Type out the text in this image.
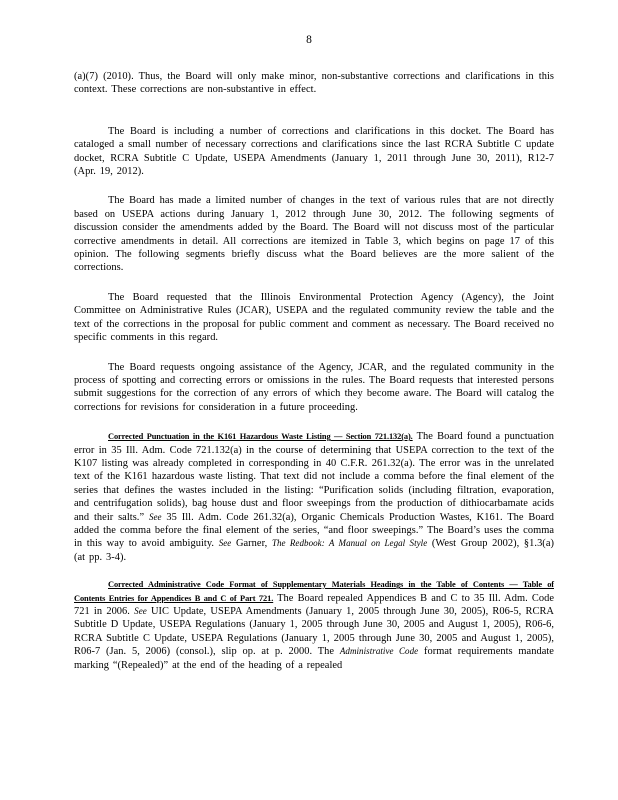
8

(a)(7) (2010). Thus, the Board will only make minor, non-substantive corrections and clarifications in this context. These corrections are non-substantive in effect.

The Board is including a number of corrections and clarifications in this docket. The Board has cataloged a small number of necessary corrections and clarifications since the last RCRA Subtitle C update docket, RCRA Subtitle C Update, USEPA Amendments (January 1, 2011 through June 30, 2011), R12-7 (Apr. 19, 2012).

The Board has made a limited number of changes in the text of various rules that are not directly based on USEPA actions during January 1, 2012 through June 30, 2012. The following segments of discussion consider the amendments added by the Board. The Board will not discuss most of the particular corrective amendments in detail. All corrections are itemized in Table 3, which begins on page 17 of this opinion. The following segments briefly discuss what the Board believes are the more salient of the corrections.

The Board requested that the Illinois Environmental Protection Agency (Agency), the Joint Committee on Administrative Rules (JCAR), USEPA and the regulated community review the table and the text of the corrections in the proposal for public comment and comment as necessary. The Board received no specific comments in this regard.

The Board requests ongoing assistance of the Agency, JCAR, and the regulated community in the process of spotting and correcting errors or omissions in the rules. The Board requests that interested persons submit suggestions for the correction of any errors of which they become aware. The Board will catalog the corrections for revisions for consideration in a future proceeding.

Corrected Punctuation in the K161 Hazardous Waste Listing — Section 721.132(a). The Board found a punctuation error in 35 Ill. Adm. Code 721.132(a) in the course of determining that USEPA correction to the text of the K107 listing was already completed in corresponding in 40 C.F.R. 261.32(a). The error was in the unrelated text of the K161 hazardous waste listing. That text did not include a comma before the final element of the series that defines the wastes included in the listing: “Purification solids (including filtration, evaporation, and centrifugation solids), bag house dust and floor sweepings from the production of dithiocarbamate acids and their salts.” See 35 Ill. Adm. Code 261.32(a), Organic Chemicals Production Wastes, K161. The Board added the comma before the final element of the series, “and floor sweepings.” The Board’s uses the comma in this way to avoid ambiguity. See Garner, The Redbook: A Manual on Legal Style (West Group 2002), §1.3(a) (at pp. 3-4).

Corrected Administrative Code Format of Supplementary Materials Headings in the Table of Contents — Table of Contents Entries for Appendices B and C of Part 721. The Board repealed Appendices B and C to 35 Ill. Adm. Code 721 in 2006. See UIC Update, USEPA Amendments (January 1, 2005 through June 30, 2005), R06-5, RCRA Subtitle D Update, USEPA Regulations (January 1, 2005 through June 30, 2005 and August 1, 2005), R06-6, RCRA Subtitle C Update, USEPA Regulations (January 1, 2005 through June 30, 2005 and August 1, 2005), R06-7 (Jan. 5, 2006) (consol.), slip op. at p. 2000. The Administrative Code format requirements mandate marking “(Repealed)” at the end of the heading of a repealed
